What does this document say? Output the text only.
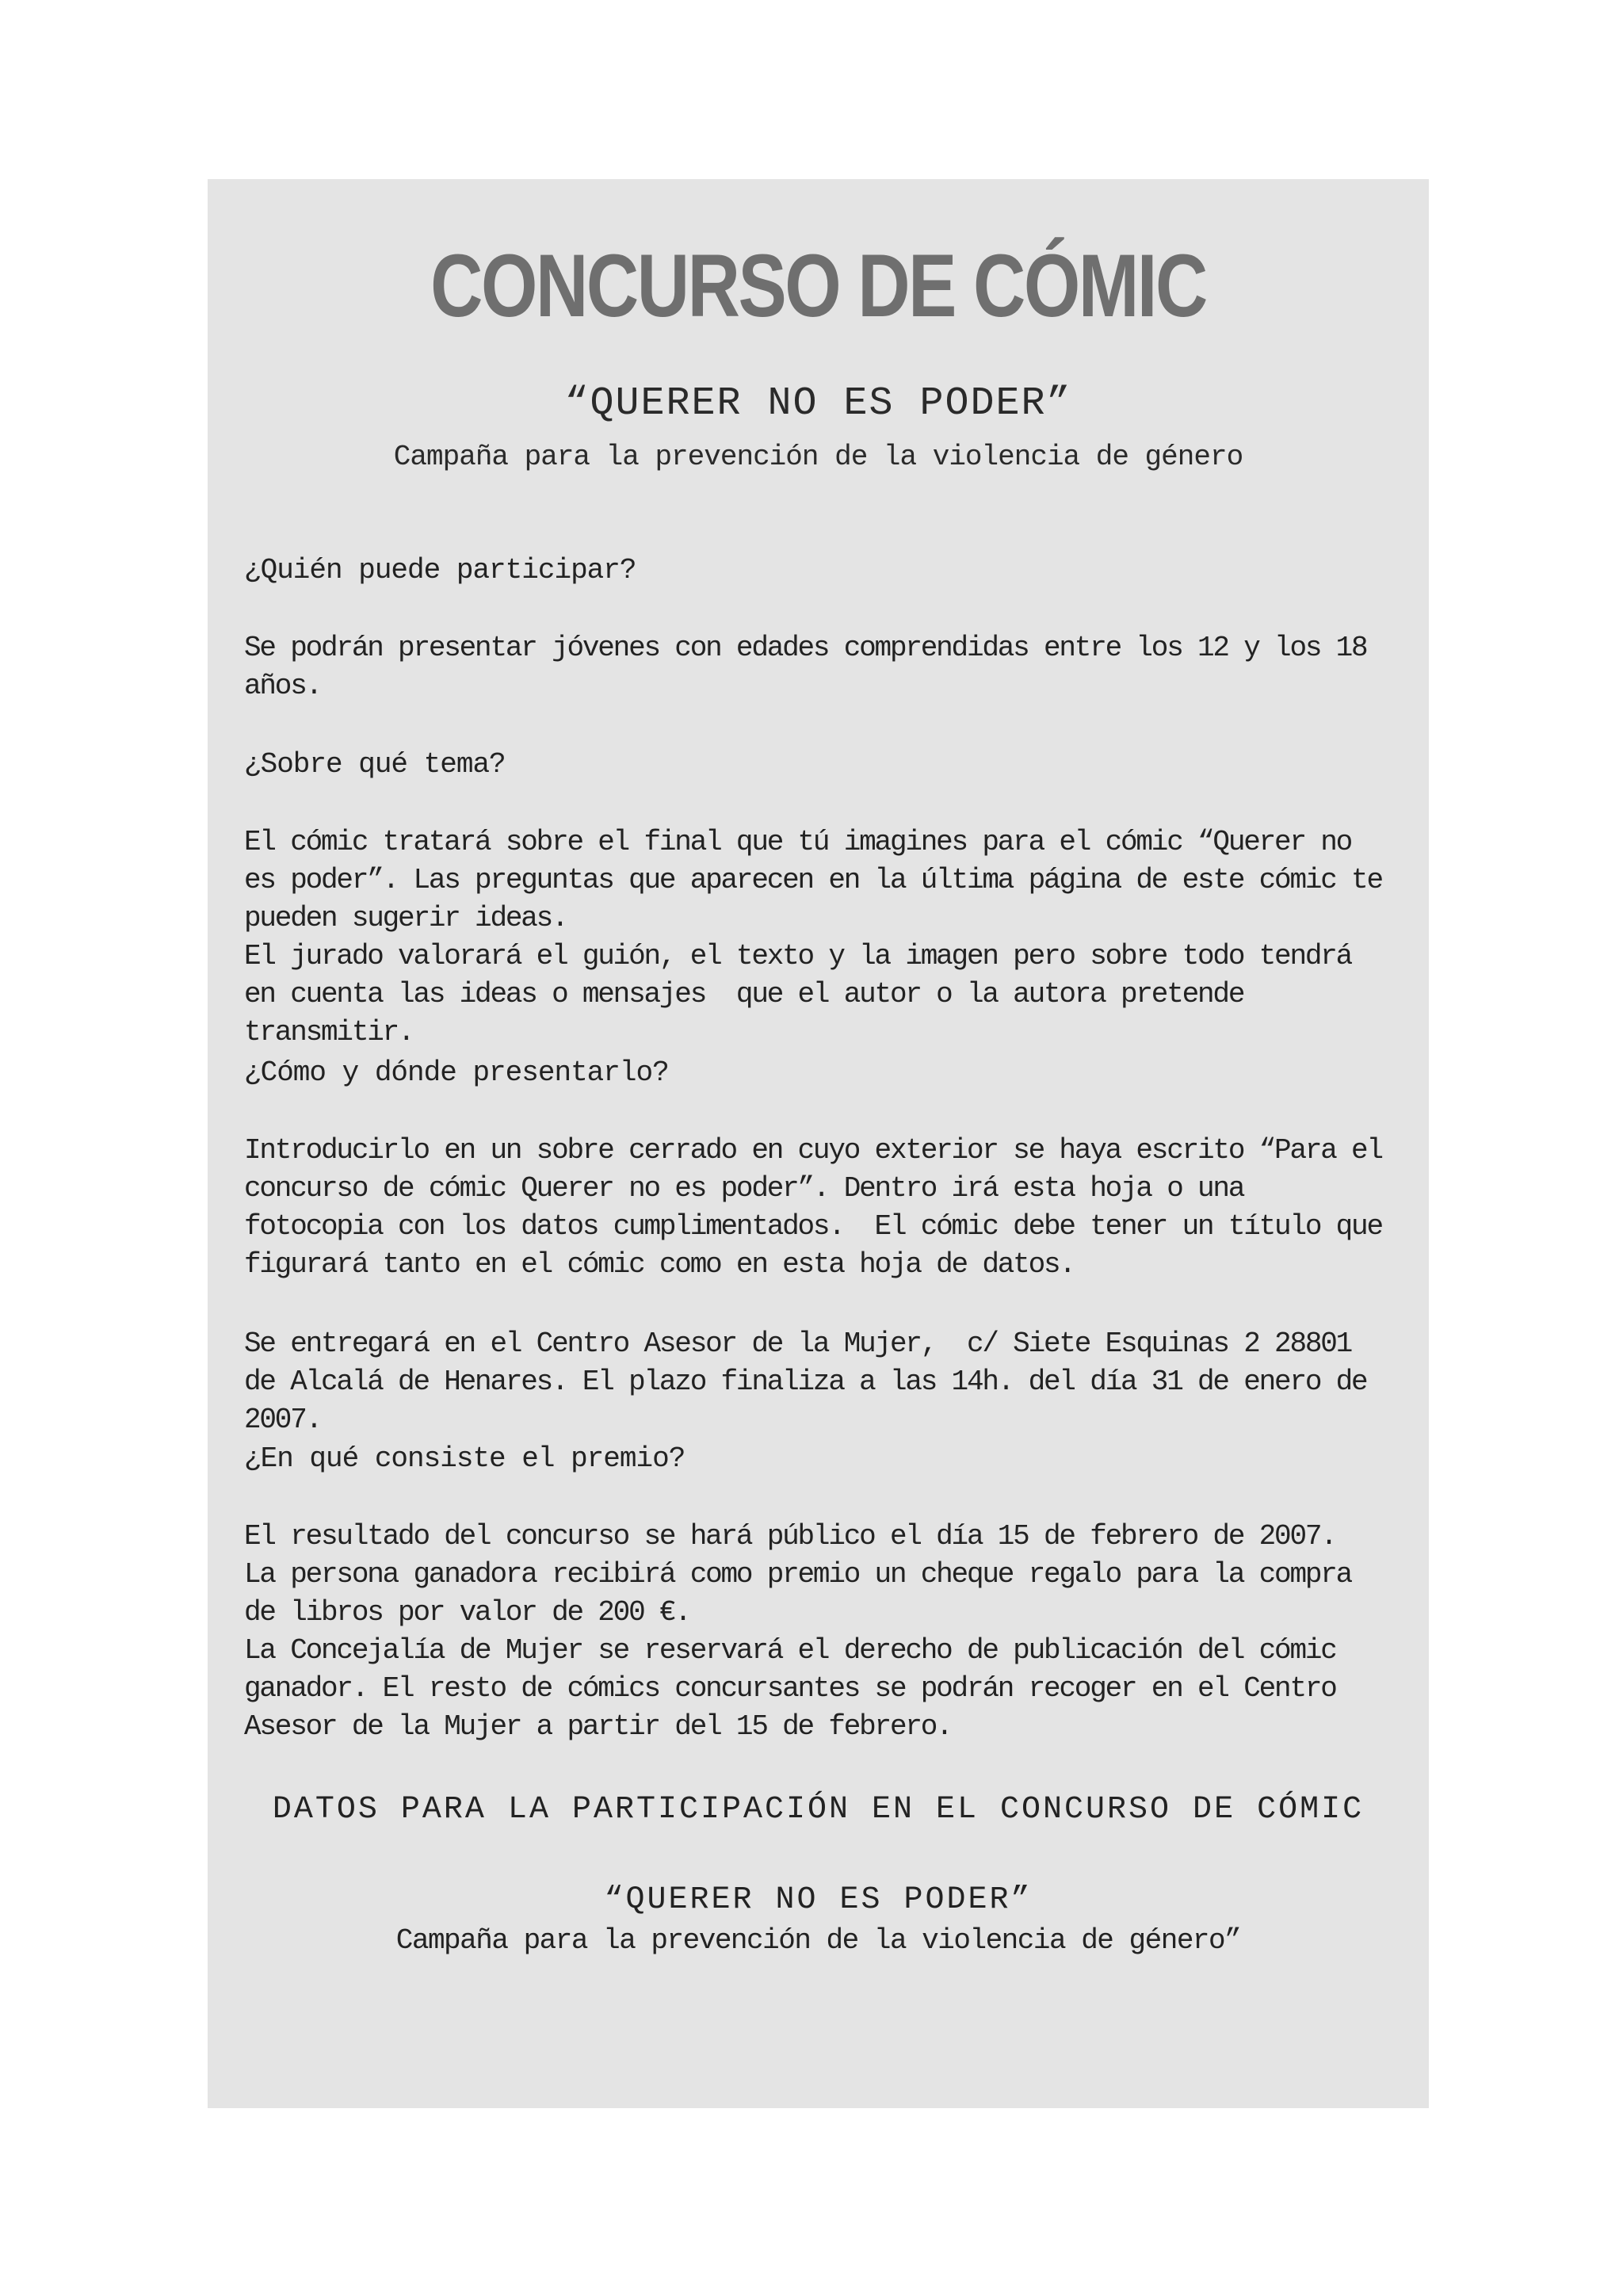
CONCURSO DE CÓMIC
“QUERER NO ES PODER”
Campaña para la prevención de la violencia de género
¿Quién puede participar?
Se podrán presentar jóvenes con edades comprendidas entre los 12 y los 18 años.
¿Sobre qué tema?
El cómic tratará sobre el final que tú imagines para el cómic “Querer no es poder”. Las preguntas que aparecen en la última página de este cómic te pueden sugerir ideas.
El jurado valorará el guión, el texto y la imagen pero sobre todo tendrá en cuenta las ideas o mensajes  que el autor o la autora pretende transmitir.
¿Cómo y dónde presentarlo?
Introducirlo en un sobre cerrado en cuyo exterior se haya escrito “Para el concurso de cómic Querer no es poder”. Dentro irá esta hoja o una fotocopia con los datos cumplimentados.  El cómic debe tener un título que figurará tanto en el cómic como en esta hoja de datos.
Se entregará en el Centro Asesor de la Mujer,  c/ Siete Esquinas 2 28801 de Alcalá de Henares. El plazo finaliza a las 14h. del día 31 de enero de 2007.
¿En qué consiste el premio?
El resultado del concurso se hará público el día 15 de febrero de 2007.
La persona ganadora recibirá como premio un cheque regalo para la compra de libros por valor de 200 €.
La Concejalía de Mujer se reservará el derecho de publicación del cómic ganador. El resto de cómics concursantes se podrán recoger en el Centro Asesor de la Mujer a partir del 15 de febrero.
DATOS PARA LA PARTICIPACIÓN EN EL CONCURSO DE CÓMIC
“QUERER NO ES PODER”
Campaña para la prevención de la violencia de género”
